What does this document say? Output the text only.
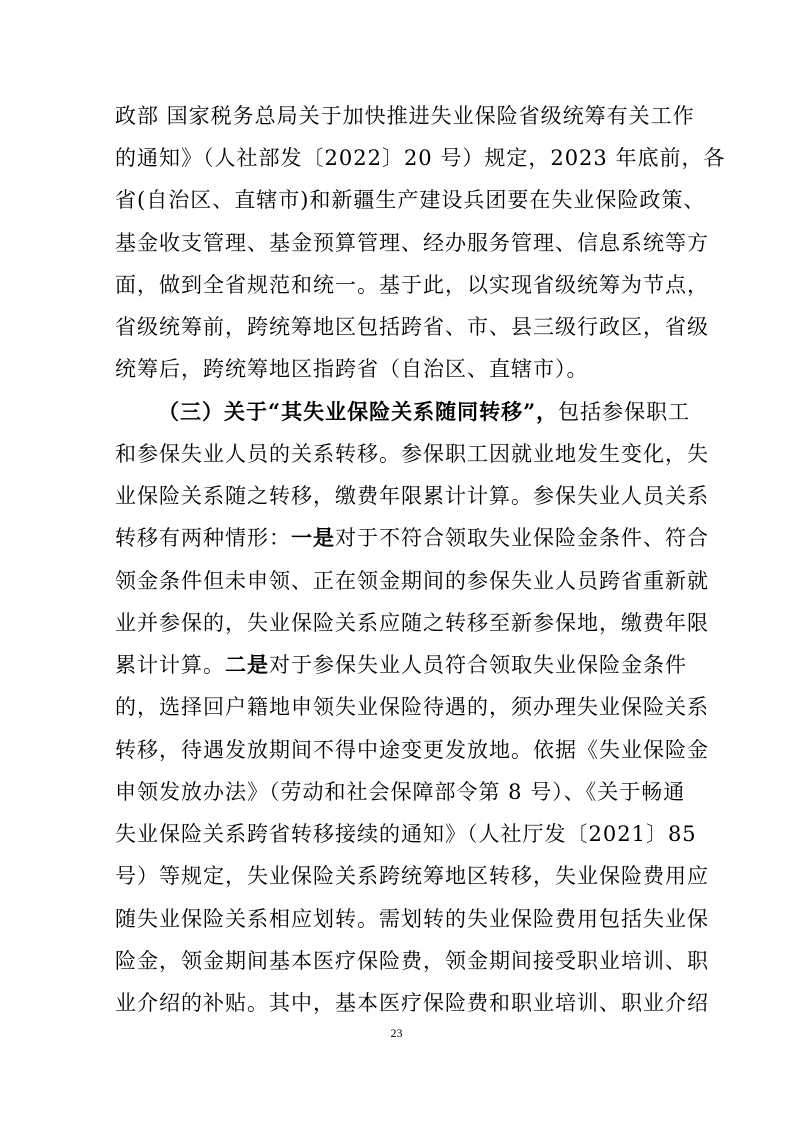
政部 国家税务总局关于加快推进失业保险省级统筹有关工作
的通知》（人社部发〔2022〕20 号）规定，2023 年底前，各
省(自治区、直辖市)和新疆生产建设兵团要在失业保险政策、
基金收支管理、基金预算管理、经办服务管理、信息系统等方
面，做到全省规范和统一。基于此，以实现省级统筹为节点，
省级统筹前，跨统筹地区包括跨省、市、县三级行政区，省级
统筹后，跨统筹地区指跨省（自治区、直辖市）。
（三）关于“其失业保险关系随同转移”，包括参保职工
和参保失业人员的关系转移。参保职工因就业地发生变化，失
业保险关系随之转移，缴费年限累计计算。参保失业人员关系
转移有两种情形：一是对于不符合领取失业保险金条件、符合
领金条件但未申领、正在领金期间的参保失业人员跨省重新就
业并参保的，失业保险关系应随之转移至新参保地，缴费年限
累计计算。二是对于参保失业人员符合领取失业保险金条件
的，选择回户籍地申领失业保险待遇的，须办理失业保险关系
转移，待遇发放期间不得中途变更发放地。依据《失业保险金
申领发放办法》（劳动和社会保障部令第 8 号）、《关于畅通
失业保险关系跨省转移接续的通知》（人社厅发〔2021〕85
号）等规定，失业保险关系跨统筹地区转移，失业保险费用应
随失业保险关系相应划转。需划转的失业保险费用包括失业保
险金，领金期间基本医疗保险费，领金期间接受职业培训、职
业介绍的补贴。其中，基本医疗保险费和职业培训、职业介绍
23
